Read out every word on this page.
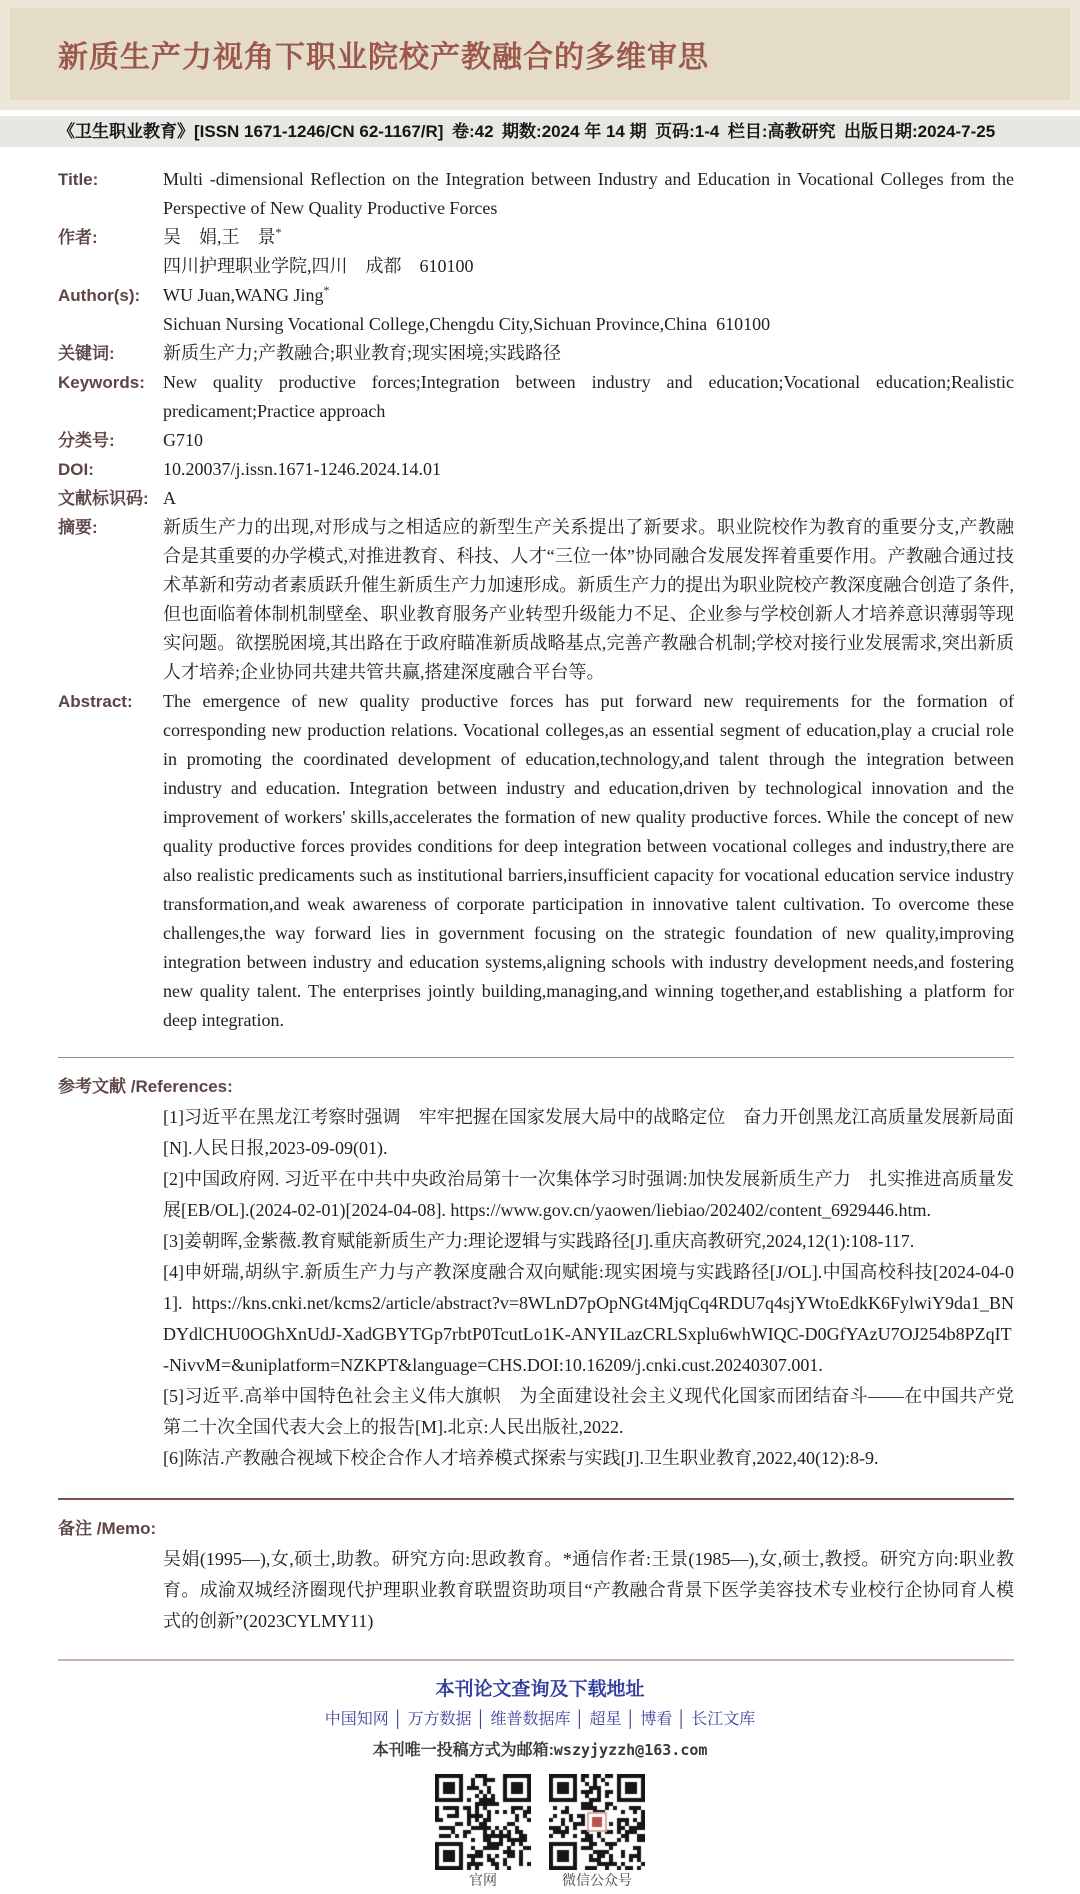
新质生产力视角下职业院校产教融合的多维审思
《卫生职业教育》[ISSN 1671-1246/CN 62-1167/R] 卷:42 期数:2024 年 14 期 页码:1-4 栏目:高教研究 出版日期:2024-7-25
Title:	Multi -dimensional Reflection on the Integration between Industry and Education in Vocational Colleges from the Perspective of New Quality Productive Forces
作者:	吴　娟,王　景*
四川护理职业学院,四川　成都　610100
Author(s):	WU Juan,WANG Jing*
Sichuan Nursing Vocational College,Chengdu City,Sichuan Province,China 610100
关键词:	新质生产力;产教融合;职业教育;现实困境;实践路径
Keywords:	New quality productive forces;Integration between industry and education;Vocational education;Realistic predicament;Practice approach
分类号:	G710
DOI:	10.20037/j.issn.1671-1246.2024.14.01
文献标识码: A
摘要:	新质生产力的出现,对形成与之相适应的新型生产关系提出了新要求。职业院校作为教育的重要分支,产教融合是其重要的办学模式,对推进教育、科技、人才“三位一体”协同融合发展发挥着重要作用。产教融合通过技术革新和劳动者素质跃升催生新质生产力加速形成。新质生产力的提出为职业院校产教深度融合创造了条件,但也面临着体制机制壁垒、职业教育服务产业转型升级能力不足、企业参与学校创新人才培养意识薄弱等现实问题。欲摆脱困境,其出路在于政府瞄准新质战略基点,完善产教融合机制;学校对接行业发展需求,突出新质人才培养;企业协同共建共管共赢,搭建深度融合平台等。
Abstract:	The emergence of new quality productive forces has put forward new requirements for the formation of corresponding new production relations. Vocational colleges,as an essential segment of education,play a crucial role in promoting the coordinated development of education,technology,and talent through the integration between industry and education. Integration between industry and education,driven by technological innovation and the improvement of workers' skills,accelerates the formation of new quality productive forces. While the concept of new quality productive forces provides conditions for deep integration between vocational colleges and industry,there are also realistic predicaments such as institutional barriers,insufficient capacity for vocational education service industry transformation,and weak awareness of corporate participation in innovative talent cultivation. To overcome these challenges,the way forward lies in government focusing on the strategic foundation of new quality,improving integration between industry and education systems,aligning schools with industry development needs,and fostering new quality talent. The enterprises jointly building,managing,and winning together,and establishing a platform for deep integration.
参考文献 /References:

[1]习近平在黑龙江考察时强调　牢牢把握在国家发展大局中的战略定位　奋力开创黑龙江高质量发展新局面[N].人民日报,2023-09-09(01).

[2]中国政府网. 习近平在中共中央政治局第十一次集体学习时强调:加快发展新质生产力　扎实推进高质量发展[EB/OL].(2024-02-01)[2024-04-08]. https://www.gov.cn/yaowen/liebiao/202402/content_6929446.htm.

[3]姜朝晖,金紫薇.教育赋能新质生产力:理论逻辑与实践路径[J].重庆高教研究,2024,12(1):108-117.

[4]申妍瑞,胡纵宇.新质生产力与产教深度融合双向赋能:现实困境与实践路径[J/OL].中国高校科技[2024-04-01]. https://kns.cnki.net/kcms2/article/abstract?v=8WLnD7pOpNGt4MjqCq4RDU7q4sjYWtoEdkK6FylwiY9da1_BNDYdlCHU0OGhXnUdJ-XadGBYTGp7rbtP0TcutLo1K-ANYILazCRLSxplu6whWIQC-D0GfYAzU7OJ254b8PZqIT-NivvM=&uniplatform=NZKPT&language=CHS.DOI:10.16209/j.cnki.cust.20240307.001.

[5]习近平.高举中国特色社会主义伟大旗帜　为全面建设社会主义现代化国家而团结奋斗——在中国共产党第二十次全国代表大会上的报告[M].北京:人民出版社,2022.

[6]陈洁.产教融合视域下校企合作人才培养模式探索与实践[J].卫生职业教育,2022,40(12):8-9.

备注 /Memo:

吴娟(1995—),女,硕士,助教。研究方向:思政教育。*通信作者:王景(1985—),女,硕士,教授。研究方向:职业教育。成渝双城经济圈现代护理职业教育联盟资助项目“产教融合背景下医学美容技术专业校行企协同育人模式的创新”(2023CYLMY11)

本刊论文查询及下载地址
中国知网 │ 万方数据 │ 维普数据库 │ 超星 │ 博看 │ 长江文库
本刊唯一投稿方式为邮箱:wszyjyzzh@163.com
官网	微信公众号
